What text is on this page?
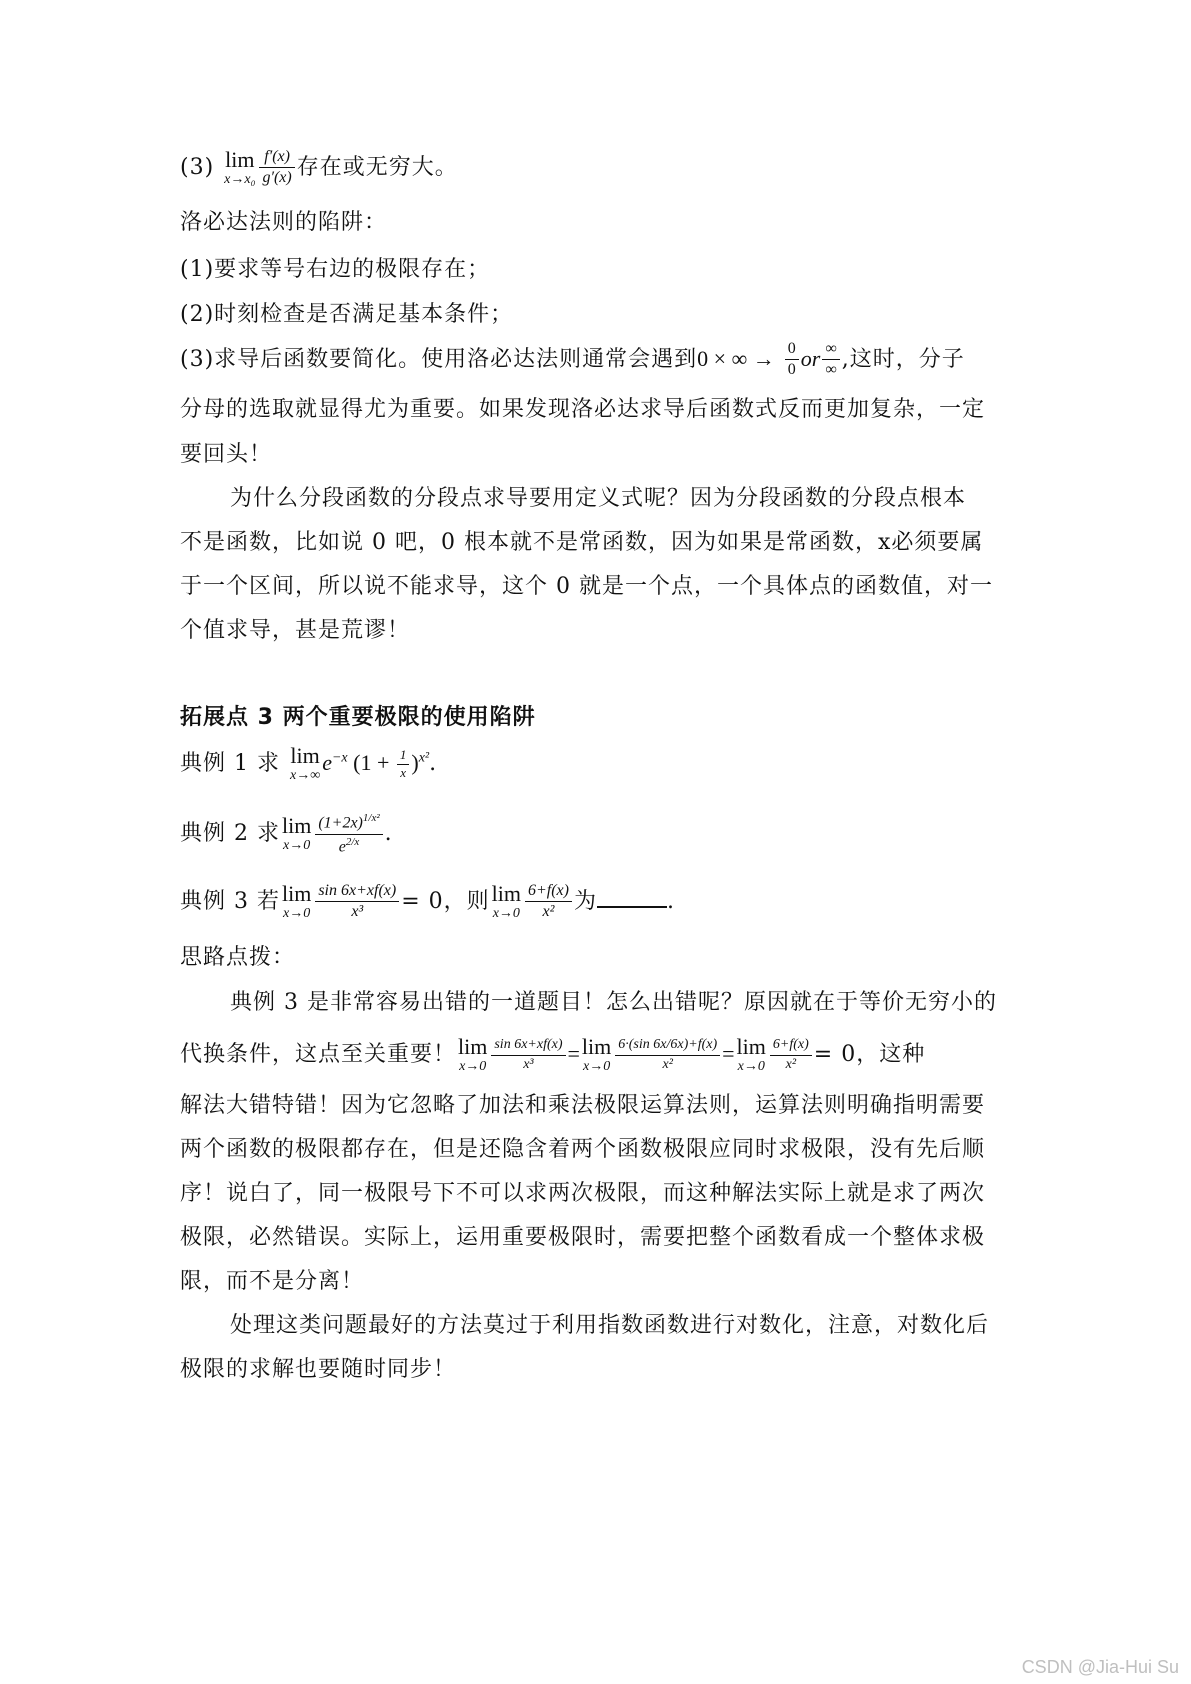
(3) lim
$x\to x_0 \frac{f'(x)}{g'(x)}$ 存在或无穷大。
洛必达法则的陷阱：
(1)要求等号右边的极限存在；
(2)时刻检查是否满足基本条件；
(3)求导后函数要简化。使用洛必达法则通常会遇到0 × ∞ → $\frac{0}{0}$ or $\frac{\infty}{\infty}$ ,这时，分子
分母的选取就显得尤为重要。如果发现洛必达求导后函数式反而更加复杂，一定
要回头！
为什么分段函数的分段点求导要用定义式呢？因为分段函数的分段点根本
不是函数，比如说 0 吧，0 根本就不是常函数，因为如果是常函数，x必须要属
于一个区间，所以说不能求导，这个 0 就是一个点，一个具体点的函数值，对一
个值求导，甚是荒谬！
拓展点 3 两个重要极限的使用陷阱
典例 1 求 lim
x→∞
$e^{-x}$ $(1 + \frac{1}{x} )^{x^2}$.
典例 2 求lim
$x\to 0 \frac{(1+2x)^{1/x^2}}{e^{2/x}}$ .
典例 3 若lim
$x\to 0 \frac{\sin 6x+xf(x)}{\text{x³}} = 0$，则lim
$x\to 0 \frac{6+f(x)}{\text{x²}}$ 为	.
思路点拨：
典例 3 是非常容易出错的一道题目！怎么出错呢？原因就在于等价无穷小的
代换条件，这点至关重要！lim
$x\to 0 \frac{\sin 6x+xf(x)}{\text{x³}} =\lim$
$x\to 0 \frac{6\cdot(\sin 6x/6x)+f(x)}{\text{x²}} =\lim$
$x\to 0 \frac{6+f(x)}{\text{x²}} = 0$，这种
解法大错特错！因为它忽略了加法和乘法极限运算法则，运算法则明确指明需要
两个函数的极限都存在，但是还隐含着两个函数极限应同时求极限，没有先后顺
序！说白了，同一极限号下不可以求两次极限，而这种解法实际上就是求了两次
极限，必然错误。实际上，运用重要极限时，需要把整个函数看成一个整体求极
限，而不是分离！
处理这类问题最好的方法莫过于利用指数函数进行对数化，注意，对数化后
极限的求解也要随时同步！
CSDN @Jia-Hui Su
